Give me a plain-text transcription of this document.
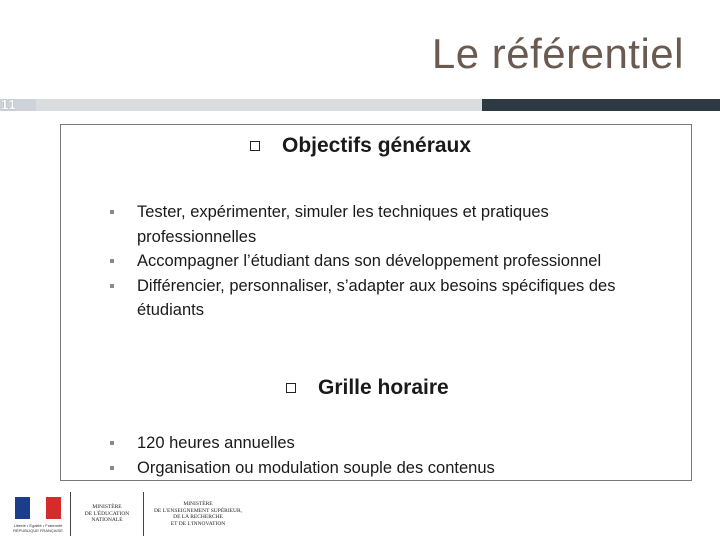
Le référentiel
11
Objectifs généraux
Tester, expérimenter, simuler les techniques et pratiques professionnelles
Accompagner l’étudiant dans son développement professionnel
Différencier, personnaliser, s’adapter aux besoins spécifiques des étudiants
Grille horaire
120 heures annuelles
Organisation ou modulation souple des contenus
Liberté • Égalité • Fraternité
RÉPUBLIQUE FRANÇAISE
MINISTÈRE
DE L'ÉDUCATION
NATIONALE
MINISTÈRE
DE L'ENSEIGNEMENT SUPÉRIEUR,
DE LA RECHERCHE
ET DE L'INNOVATION
